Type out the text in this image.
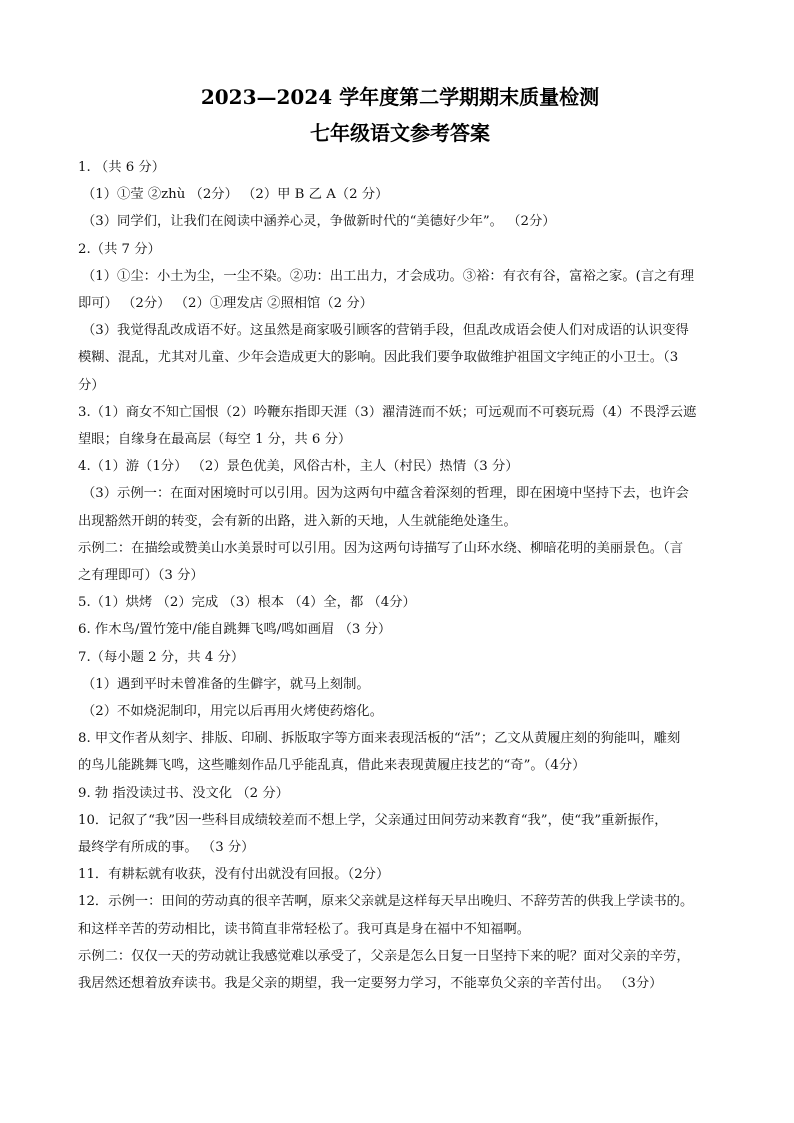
2023—2024 学年度第二学期期末质量检测
七年级语文参考答案
1. （共 6 分）
（1）①莹 ②zhù （2分） （2）甲 B 乙 A（2 分）
（3）同学们，让我们在阅读中涵养心灵，争做新时代的“美德好少年”。 （2分）
2.（共 7 分）
（1）①尘：小土为尘，一尘不染。②功：出工出力，才会成功。③裕：有衣有谷，富裕之家。(言之有理
即可） （2分） （2）①理发店 ②照相馆（2 分）
（3）我觉得乱改成语不好。这虽然是商家吸引顾客的营销手段，但乱改成语会使人们对成语的认识变得
模糊、混乱，尤其对儿童、少年会造成更大的影响。因此我们要争取做维护祖国文字纯正的小卫士。（3
分）
3.（1）商女不知亡国恨（2）吟鞭东指即天涯（3）濯清涟而不妖；可远观而不可亵玩焉（4）不畏浮云遮
望眼；自缘身在最高层（每空 1 分，共 6 分）
4.（1）游（1分） （2）景色优美，风俗古朴，主人（村民）热情（3 分）
（3）示例一：在面对困境时可以引用。因为这两句中蕴含着深刻的哲理，即在困境中坚持下去，也许会
出现豁然开朗的转变，会有新的出路，进入新的天地，人生就能绝处逢生。
示例二：在描绘或赞美山水美景时可以引用。因为这两句诗描写了山环水绕、柳暗花明的美丽景色。（言
之有理即可）（3 分）
5.（1）烘烤 （2）完成 （3）根本 （4）全，都 （4分）
6. 作木鸟/置竹笼中/能自跳舞飞鸣/鸣如画眉 （3 分）
7.（每小题 2 分，共 4 分）
（1）遇到平时未曾准备的生僻字，就马上刻制。
（2）不如烧泥制印，用完以后再用火烤使药熔化。
8. 甲文作者从刻字、排版、印刷、拆版取字等方面来表现活板的“活”；乙文从黄履庄刻的狗能叫，雕刻
的鸟儿能跳舞飞鸣，这些雕刻作品几乎能乱真，借此来表现黄履庄技艺的“奇”。（4分）
9. 勃 指没读过书、没文化 （2 分）
10．记叙了“我”因一些科目成绩较差而不想上学，父亲通过田间劳动来教育“我”，使“我”重新振作，
最终学有所成的事。 （3 分）
11．有耕耘就有收获，没有付出就没有回报。（2分）
12．示例一：田间的劳动真的很辛苦啊，原来父亲就是这样每天早出晚归、不辞劳苦的供我上学读书的。
和这样辛苦的劳动相比，读书简直非常轻松了。我可真是身在福中不知福啊。
示例二：仅仅一天的劳动就让我感觉难以承受了，父亲是怎么日复一日坚持下来的呢？面对父亲的辛劳，
我居然还想着放弃读书。我是父亲的期望，我一定要努力学习，不能辜负父亲的辛苦付出。 （3分）
